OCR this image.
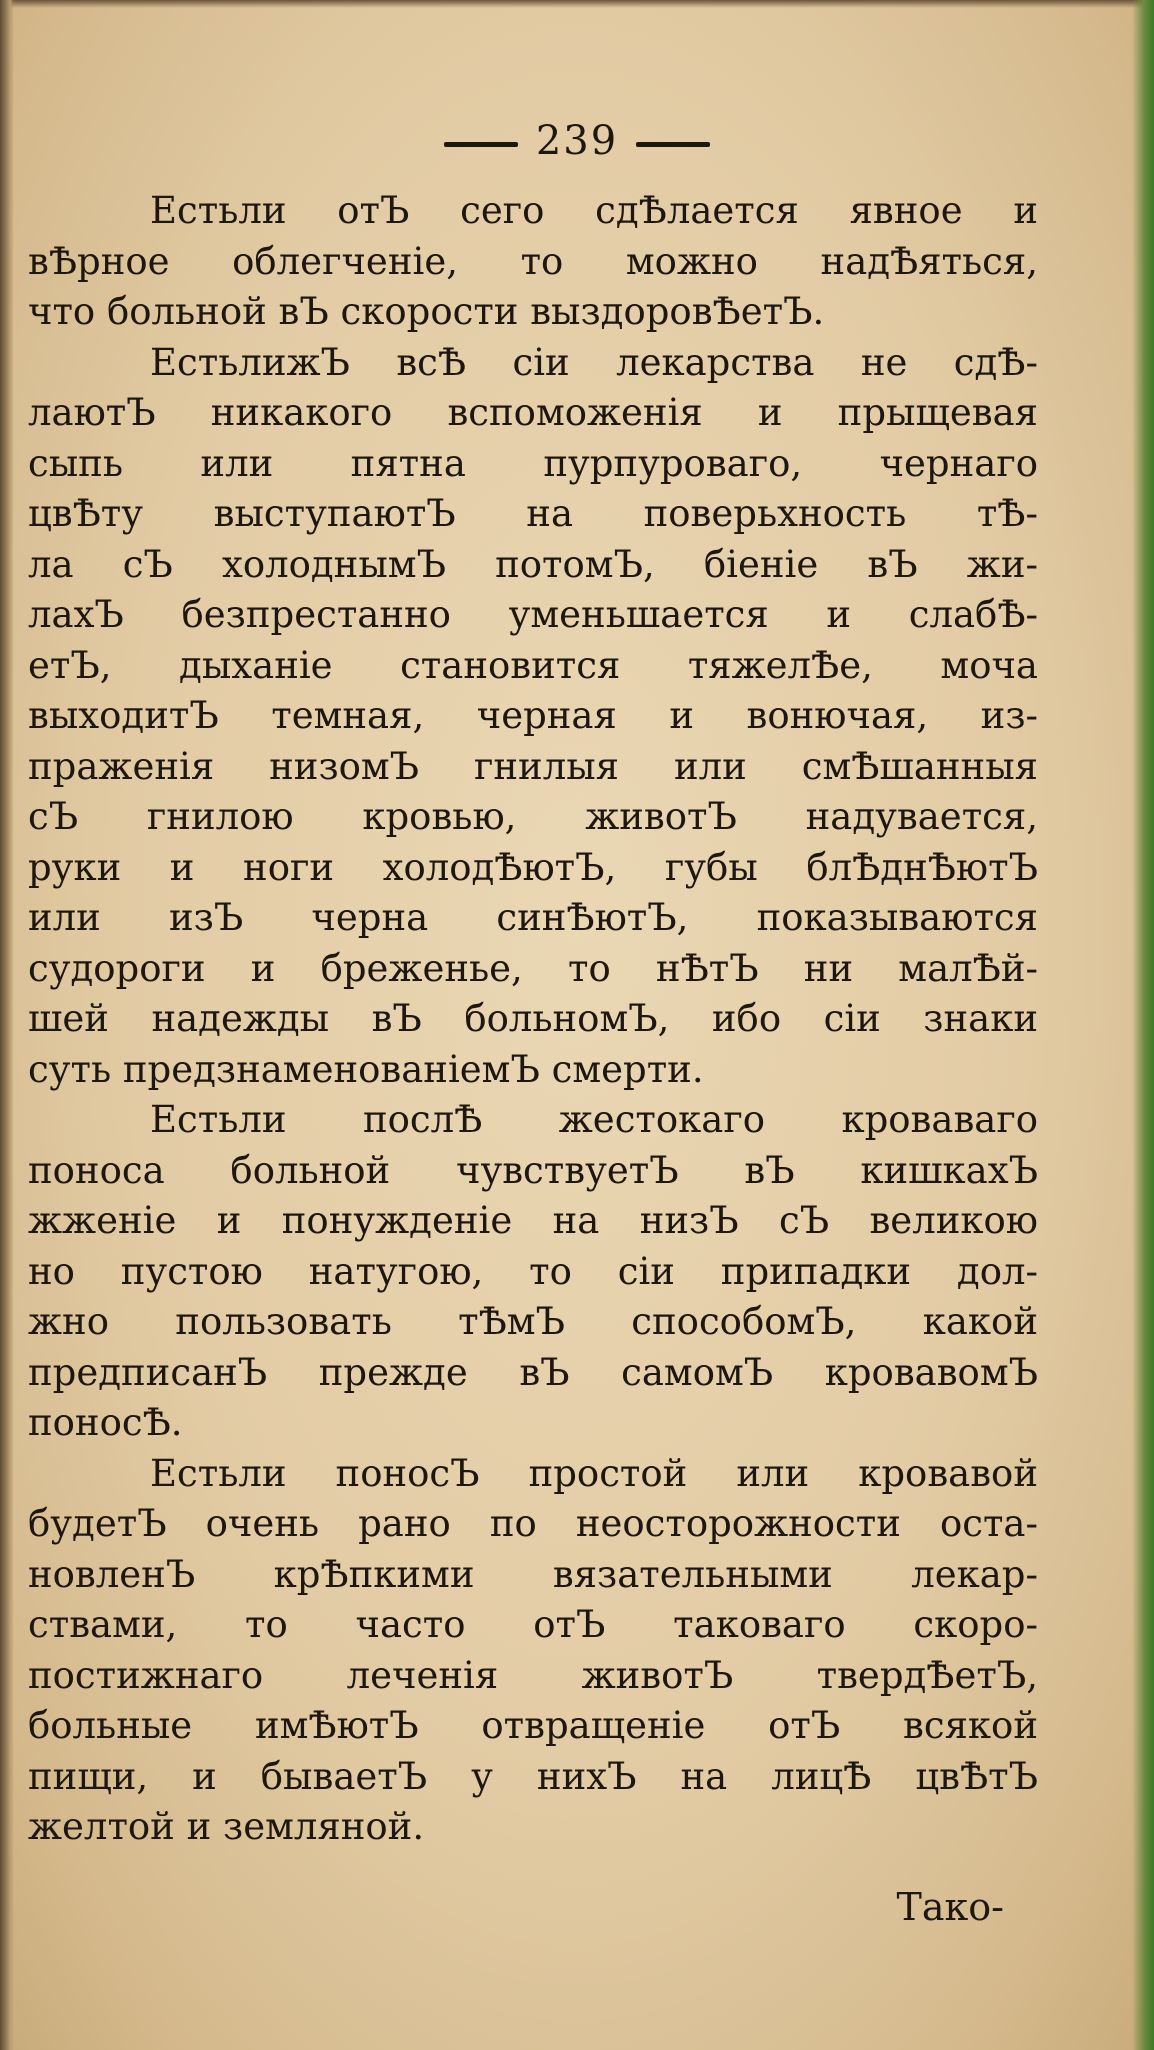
239
Естьли отЪ сего сдѢлается явное и
вѢрное облегченіе, то можно надѢяться,
что больной вЪ скорости выздоровѢетЪ.
ЕстьлижЪ всѢ сіи лекарства не сдѢ-
лаютЪ никакого вспоможенія и прыщевая
сыпь или пятна пурпуроваго, чернаго
цвѢту выступаютЪ на поверьхность тѢ-
ла сЪ холоднымЪ потомЪ, біеніе вЪ жи-
лахЪ безпрестанно уменьшается и слабѢ-
етЪ, дыханіе становится тяжелѢе, моча
выходитЪ темная, черная и вонючая, из-
праженія низомЪ гнилыя или смѢшанныя
сЪ гнилою кровью, животЪ надувается,
руки и ноги холодѢютЪ, губы блѢднѢютЪ
или изЪ черна синѢютЪ, показываются
судороги и бреженье, то нѢтЪ ни малѢй-
шей надежды вЪ больномЪ, ибо сіи знаки
суть предзнаменованіемЪ смерти.
Естьли послѢ жестокаго кроваваго
поноса больной чувствуетЪ вЪ кишкахЪ
жженіе и понужденіе на низЪ сЪ великою
но пустою натугою, то сіи припадки дол-
жно пользовать тѢмЪ способомЪ, какой
предписанЪ прежде вЪ самомЪ кровавомЪ
поносѢ.
Естьли поносЪ простой или кровавой
будетЪ очень рано по неосторожности оста-
новленЪ крѢпкими вязательными лекар-
ствами, то часто отЪ таковаго скоро-
постижнаго леченія животЪ твердѢетЪ,
больные имѢютЪ отвращеніе отЪ всякой
пищи, и бываетЪ у нихЪ на лицѢ цвѢтЪ
желтой и земляной.
Тако-
